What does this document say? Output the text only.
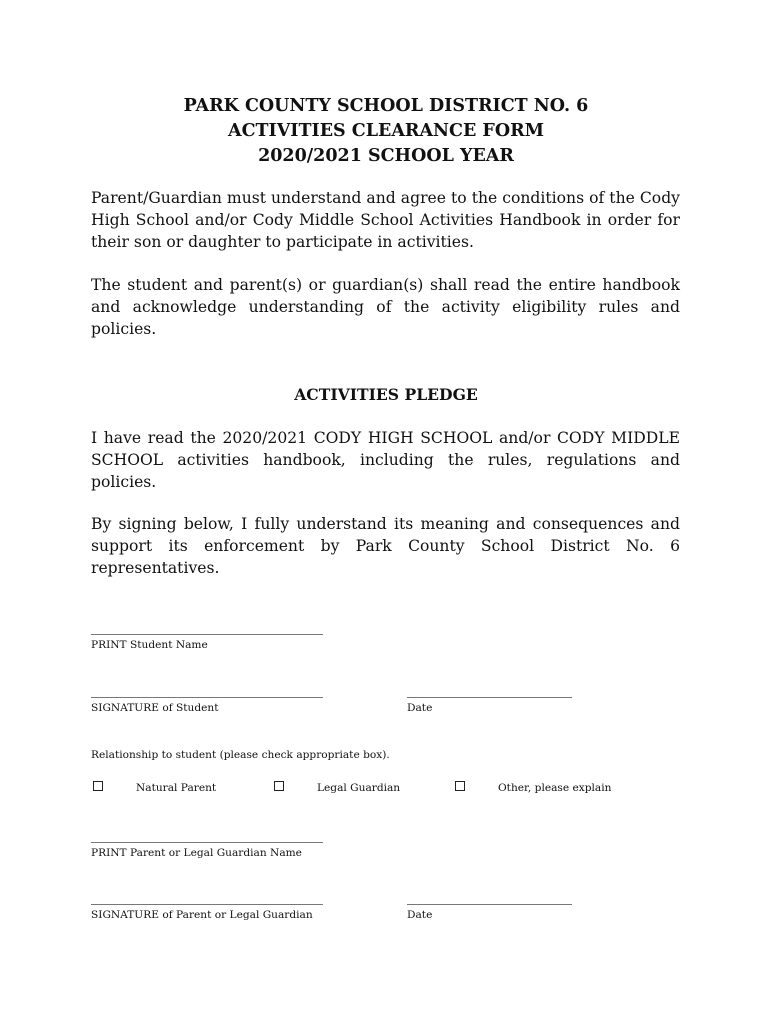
PARK COUNTY SCHOOL DISTRICT NO. 6
ACTIVITIES CLEARANCE FORM
2020/2021 SCHOOL YEAR

Parent/Guardian must understand and agree to the conditions of the Cody High School and/or Cody Middle School Activities Handbook in order for their son or daughter to participate in activities.

The student and parent(s) or guardian(s) shall read the entire handbook and acknowledge understanding of the activity eligibility rules and policies.

ACTIVITIES PLEDGE

I have read the 2020/2021 CODY HIGH SCHOOL and/or CODY MIDDLE SCHOOL activities handbook, including the rules, regulations and policies.

By signing below, I fully understand its meaning and consequences and support its enforcement by Park County School District No. 6 representatives.

PRINT Student Name
SIGNATURE of Student	Date
Relationship to student (please check appropriate box).
Natural Parent	Legal Guardian	Other, please explain
PRINT Parent or Legal Guardian Name
SIGNATURE of Parent or Legal Guardian	Date
